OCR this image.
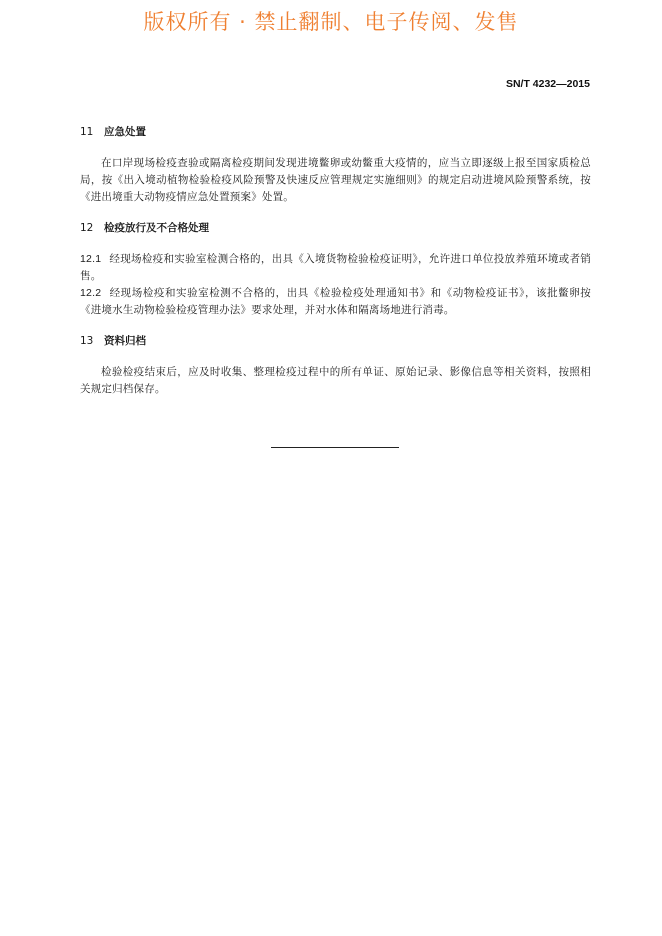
版权所有 · 禁止翻制、电子传阅、发售
SN/T 4232—2015
11 应急处置

在口岸现场检疫查验或隔离检疫期间发现进境鳖卵或幼鳖重大疫情的，应当立即逐级上报至国家质检总局，按《出入境动植物检验检疫风险预警及快速反应管理规定实施细则》的规定启动进境风险预警系统，按《进出境重大动物疫情应急处置预案》处置。

12 检疫放行及不合格处理

12.1 经现场检疫和实验室检测合格的，出具《入境货物检验检疫证明》，允许进口单位投放养殖环境或者销售。

12.2 经现场检疫和实验室检测不合格的，出具《检验检疫处理通知书》和《动物检疫证书》，该批鳖卵按《进境水生动物检验检疫管理办法》要求处理，并对水体和隔离场地进行消毒。

13 资料归档

检验检疫结束后，应及时收集、整理检疫过程中的所有单证、原始记录、影像信息等相关资料，按照相关规定归档保存。
